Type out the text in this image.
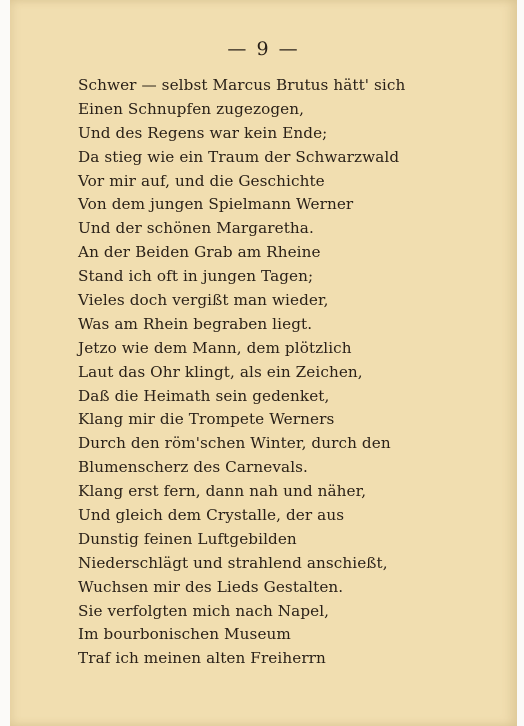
— 9 —
Schwer — selbst Marcus Brutus hätt' sich
Einen Schnupfen zugezogen,
Und des Regens war kein Ende;
Da stieg wie ein Traum der Schwarzwald
Vor mir auf, und die Geschichte
Von dem jungen Spielmann Werner
Und der schönen Margaretha.
An der Beiden Grab am Rheine
Stand ich oft in jungen Tagen;
Vieles doch vergißt man wieder,
Was am Rhein begraben liegt.
Jetzo wie dem Mann, dem plötzlich
Laut das Ohr klingt, als ein Zeichen,
Daß die Heimath sein gedenket,
Klang mir die Trompete Werners
Durch den röm'schen Winter, durch den
Blumenscherz des Carnevals.
Klang erst fern, dann nah und näher,
Und gleich dem Crystalle, der aus
Dunstig feinen Luftgebilden
Niederschlägt und strahlend anschießt,
Wuchsen mir des Lieds Gestalten.
Sie verfolgten mich nach Napel,
Im bourbonischen Museum
Traf ich meinen alten Freiherrn
